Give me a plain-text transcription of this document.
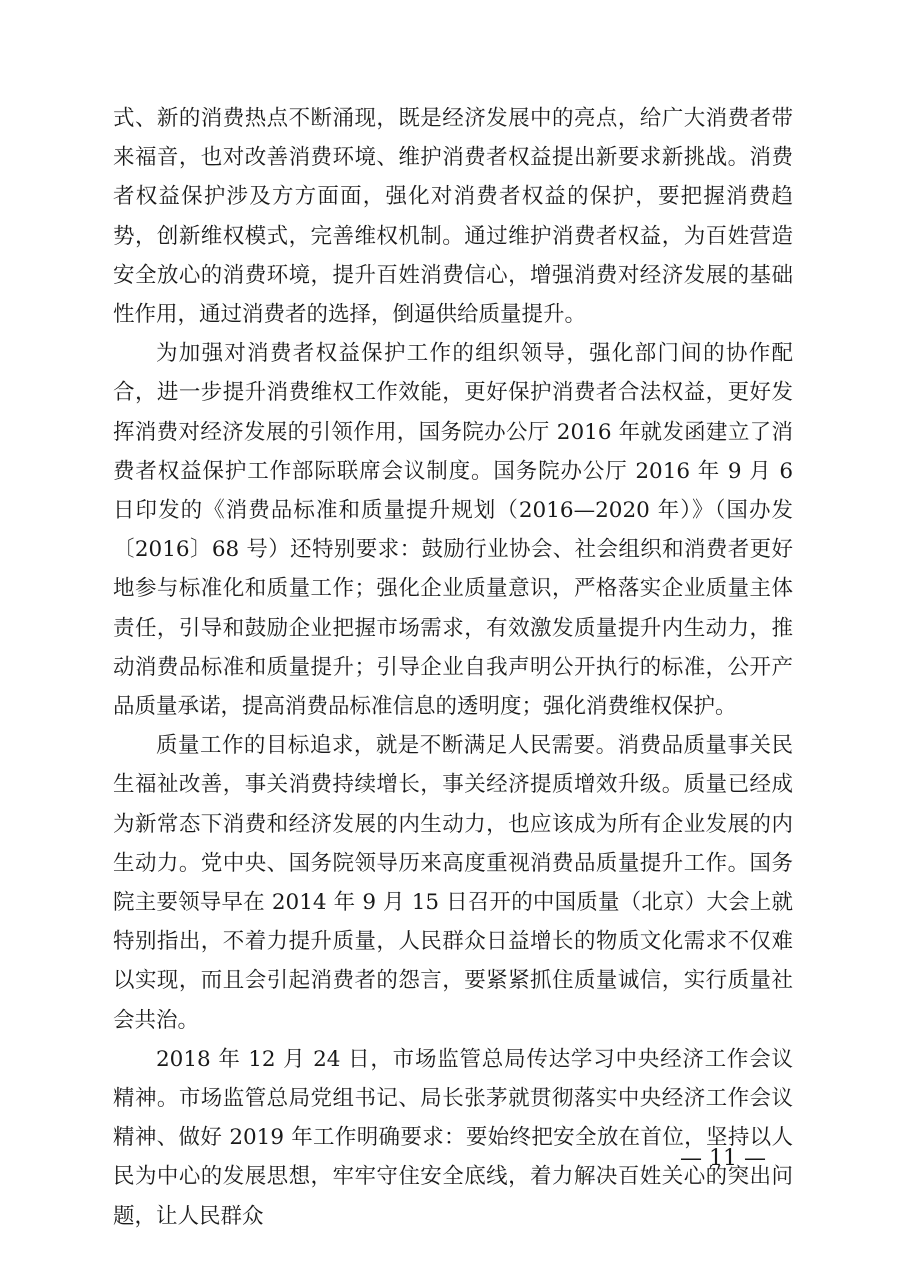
式、新的消费热点不断涌现，既是经济发展中的亮点，给广大消费者带来福音，也对改善消费环境、维护消费者权益提出新要求新挑战。消费者权益保护涉及方方面面，强化对消费者权益的保护，要把握消费趋势，创新维权模式，完善维权机制。通过维护消费者权益，为百姓营造安全放心的消费环境，提升百姓消费信心，增强消费对经济发展的基础性作用，通过消费者的选择，倒逼供给质量提升。

为加强对消费者权益保护工作的组织领导，强化部门间的协作配合，进一步提升消费维权工作效能，更好保护消费者合法权益，更好发挥消费对经济发展的引领作用，国务院办公厅 2016 年就发函建立了消费者权益保护工作部际联席会议制度。国务院办公厅 2016 年 9 月 6 日印发的《消费品标准和质量提升规划（2016—2020 年）》（国办发〔2016〕68 号）还特别要求：鼓励行业协会、社会组织和消费者更好地参与标准化和质量工作；强化企业质量意识，严格落实企业质量主体责任，引导和鼓励企业把握市场需求，有效激发质量提升内生动力，推动消费品标准和质量提升；引导企业自我声明公开执行的标准，公开产品质量承诺，提高消费品标准信息的透明度；强化消费维权保护。

质量工作的目标追求，就是不断满足人民需要。消费品质量事关民生福祉改善，事关消费持续增长，事关经济提质增效升级。质量已经成为新常态下消费和经济发展的内生动力，也应该成为所有企业发展的内生动力。党中央、国务院领导历来高度重视消费品质量提升工作。国务院主要领导早在 2014 年 9 月 15 日召开的中国质量（北京）大会上就特别指出，不着力提升质量，人民群众日益增长的物质文化需求不仅难以实现，而且会引起消费者的怨言，要紧紧抓住质量诚信，实行质量社会共治。

2018 年 12 月 24 日，市场监管总局传达学习中央经济工作会议精神。市场监管总局党组书记、局长张茅就贯彻落实中央经济工作会议精神、做好 2019 年工作明确要求：要始终把安全放在首位，坚持以人民为中心的发展思想，牢牢守住安全底线，着力解决百姓关心的突出问题，让人民群众

— 11 —
